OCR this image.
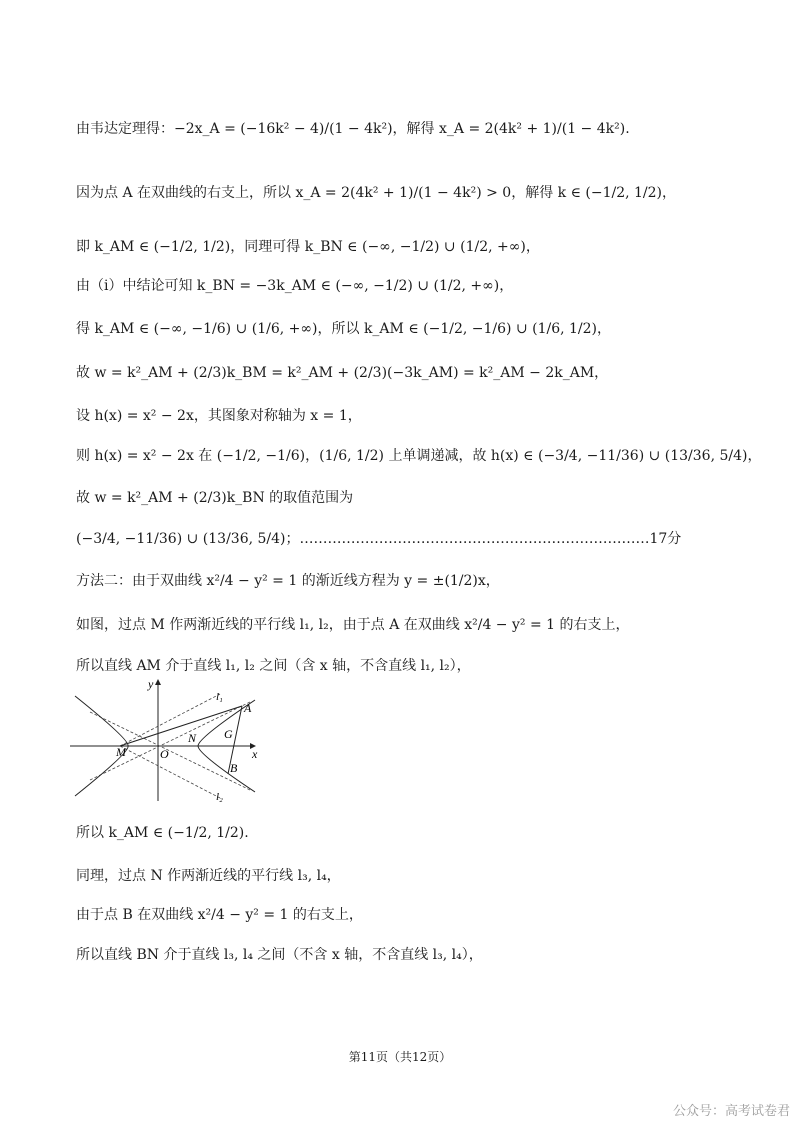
由韦达定理得：−2x_A = (−16k² − 4)/(1 − 4k²)，解得 x_A = 2(4k² + 1)/(1 − 4k²).
因为点 A 在双曲线的右支上，所以 x_A = 2(4k² + 1)/(1 − 4k²) > 0，解得 k ∈ (−1/2, 1/2)，
即 k_AM ∈ (−1/2, 1/2)，同理可得 k_BN ∈ (−∞, −1/2) ∪ (1/2, +∞)，
由（i）中结论可知 k_BN = −3k_AM ∈ (−∞, −1/2) ∪ (1/2, +∞)，
得 k_AM ∈ (−∞, −1/6) ∪ (1/6, +∞)，所以 k_AM ∈ (−1/2, −1/6) ∪ (1/6, 1/2)，
故 w = k²_AM + (2/3)k_BM = k²_AM + (2/3)(−3k_AM) = k²_AM − 2k_AM，
设 h(x) = x² − 2x，其图象对称轴为 x = 1，
则 h(x) = x² − 2x 在 (−1/2, −1/6)，(1/6, 1/2) 上单调递减，故 h(x) ∈ (−3/4, −11/36) ∪ (13/36, 5/4)，
故 w = k²_AM + (2/3)k_BN 的取值范围为
(−3/4, −11/36) ∪ (13/36, 5/4)；…………………………………………………………………17分
方法二：由于双曲线 x²/4 − y² = 1 的渐近线方程为 y = ±(1/2)x，
如图，过点 M 作两渐近线的平行线 l₁, l₂，由于点 A 在双曲线 x²/4 − y² = 1 的右支上，
所以直线 AM 介于直线 l₁, l₂ 之间（含 x 轴，不含直线 l₁, l₂），
y
x
l₁
l₂
A
G
B
N
M	O
所以 k_AM ∈ (−1/2, 1/2).
同理，过点 N 作两渐近线的平行线 l₃, l₄，
由于点 B 在双曲线 x²/4 − y² = 1 的右支上，
所以直线 BN 介于直线 l₃, l₄ 之间（不含 x 轴，不含直线 l₃, l₄），
第11页（共12页）
公众号：高考试卷君
